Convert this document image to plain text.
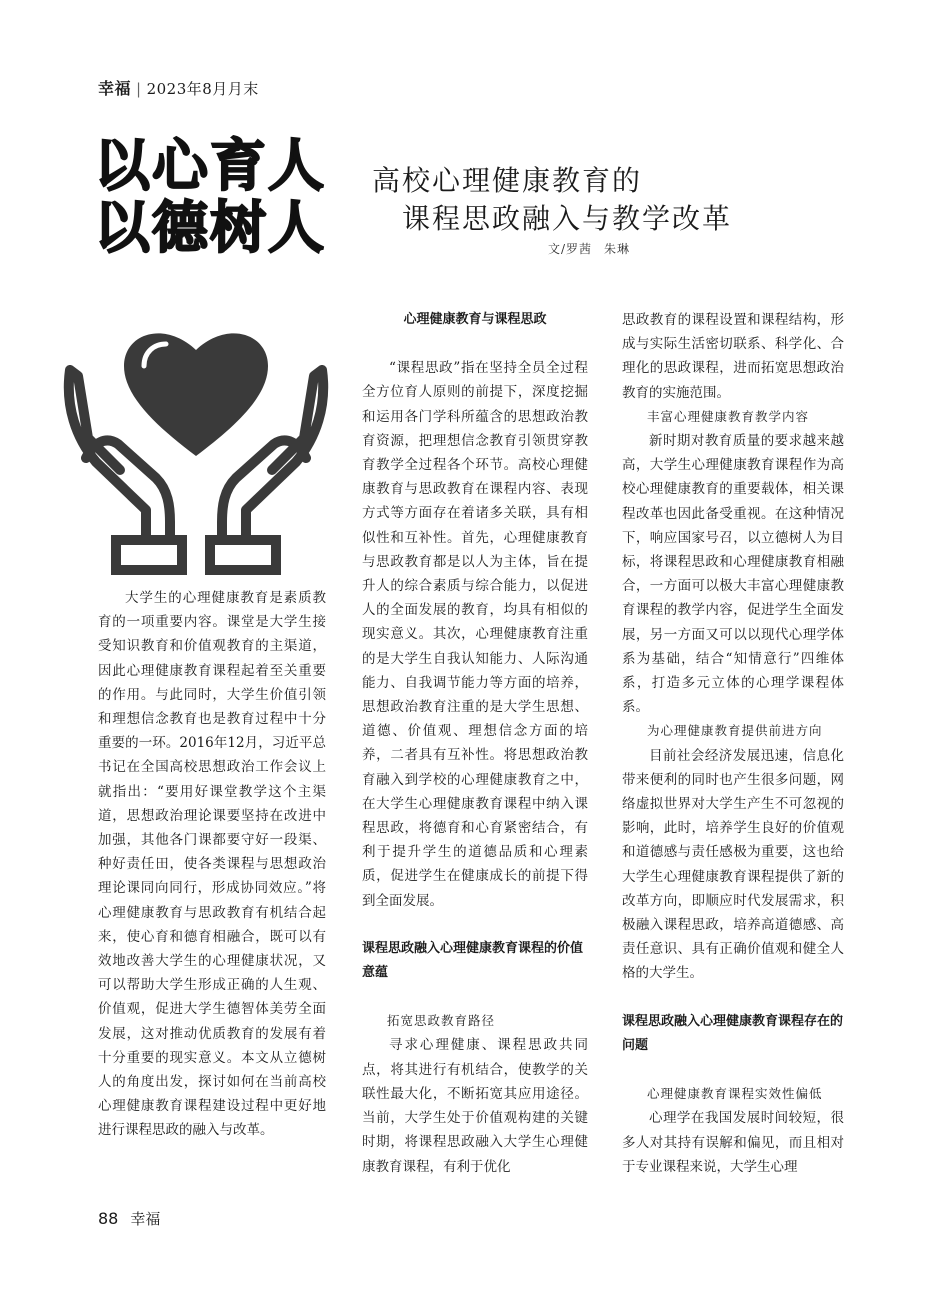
幸福 | 2023年8月月末
以心育人
以德树人
高校心理健康教育的
课程思政融入与教学改革
文/罗茜 朱琳

大学生的心理健康教育是素质教育的一项重要内容。课堂是大学生接受知识教育和价值观教育的主渠道，因此心理健康教育课程起着至关重要的作用。与此同时，大学生价值引领和理想信念教育也是教育过程中十分重要的一环。2016年12月，习近平总书记在全国高校思想政治工作会议上就指出：“要用好课堂教学这个主渠道，思想政治理论课要坚持在改进中加强，其他各门课都要守好一段渠、种好责任田，使各类课程与思想政治理论课同向同行，形成协同效应。”将心理健康教育与思政教育有机结合起来，使心育和德育相融合，既可以有效地改善大学生的心理健康状况，又可以帮助大学生形成正确的人生观、价值观，促进大学生德智体美劳全面发展，这对推动优质教育的发展有着十分重要的现实意义。本文从立德树人的角度出发，探讨如何在当前高校心理健康教育课程建设过程中更好地进行课程思政的融入与改革。

心理健康教育与课程思政

“课程思政”指在坚持全员全过程全方位育人原则的前提下，深度挖掘和运用各门学科所蕴含的思想政治教育资源，把理想信念教育引领贯穿教育教学全过程各个环节。高校心理健康教育与思政教育在课程内容、表现方式等方面存在着诸多关联，具有相似性和互补性。首先，心理健康教育与思政教育都是以人为主体，旨在提升人的综合素质与综合能力，以促进人的全面发展的教育，均具有相似的现实意义。其次，心理健康教育注重的是大学生自我认知能力、人际沟通能力、自我调节能力等方面的培养，思想政治教育注重的是大学生思想、道德、价值观、理想信念方面的培养，二者具有互补性。将思想政治教育融入到学校的心理健康教育之中，在大学生心理健康教育课程中纳入课程思政，将德育和心育紧密结合，有利于提升学生的道德品质和心理素质，促进学生在健康成长的前提下得到全面发展。

课程思政融入心理健康教育课程的价值意蕴
拓宽思政教育路径

寻求心理健康、课程思政共同点，将其进行有机结合，使教学的关联性最大化，不断拓宽其应用途径。当前，大学生处于价值观构建的关键时期，将课程思政融入大学生心理健康教育课程，有利于优化

思政教育的课程设置和课程结构，形成与实际生活密切联系、科学化、合理化的思政课程，进而拓宽思想政治教育的实施范围。

丰富心理健康教育教学内容

新时期对教育质量的要求越来越高，大学生心理健康教育课程作为高校心理健康教育的重要载体，相关课程改革也因此备受重视。在这种情况下，响应国家号召，以立德树人为目标，将课程思政和心理健康教育相融合，一方面可以极大丰富心理健康教育课程的教学内容，促进学生全面发展，另一方面又可以以现代心理学体系为基础，结合“知情意行”四维体系，打造多元立体的心理学课程体系。

为心理健康教育提供前进方向

目前社会经济发展迅速，信息化带来便利的同时也产生很多问题，网络虚拟世界对大学生产生不可忽视的影响，此时，培养学生良好的价值观和道德感与责任感极为重要，这也给大学生心理健康教育课程提供了新的改革方向，即顺应时代发展需求，积极融入课程思政，培养高道德感、高责任意识、具有正确价值观和健全人格的大学生。

课程思政融入心理健康教育课程存在的问题
心理健康教育课程实效性偏低

心理学在我国发展时间较短，很多人对其持有误解和偏见，而且相对于专业课程来说，大学生心理

88 幸福
